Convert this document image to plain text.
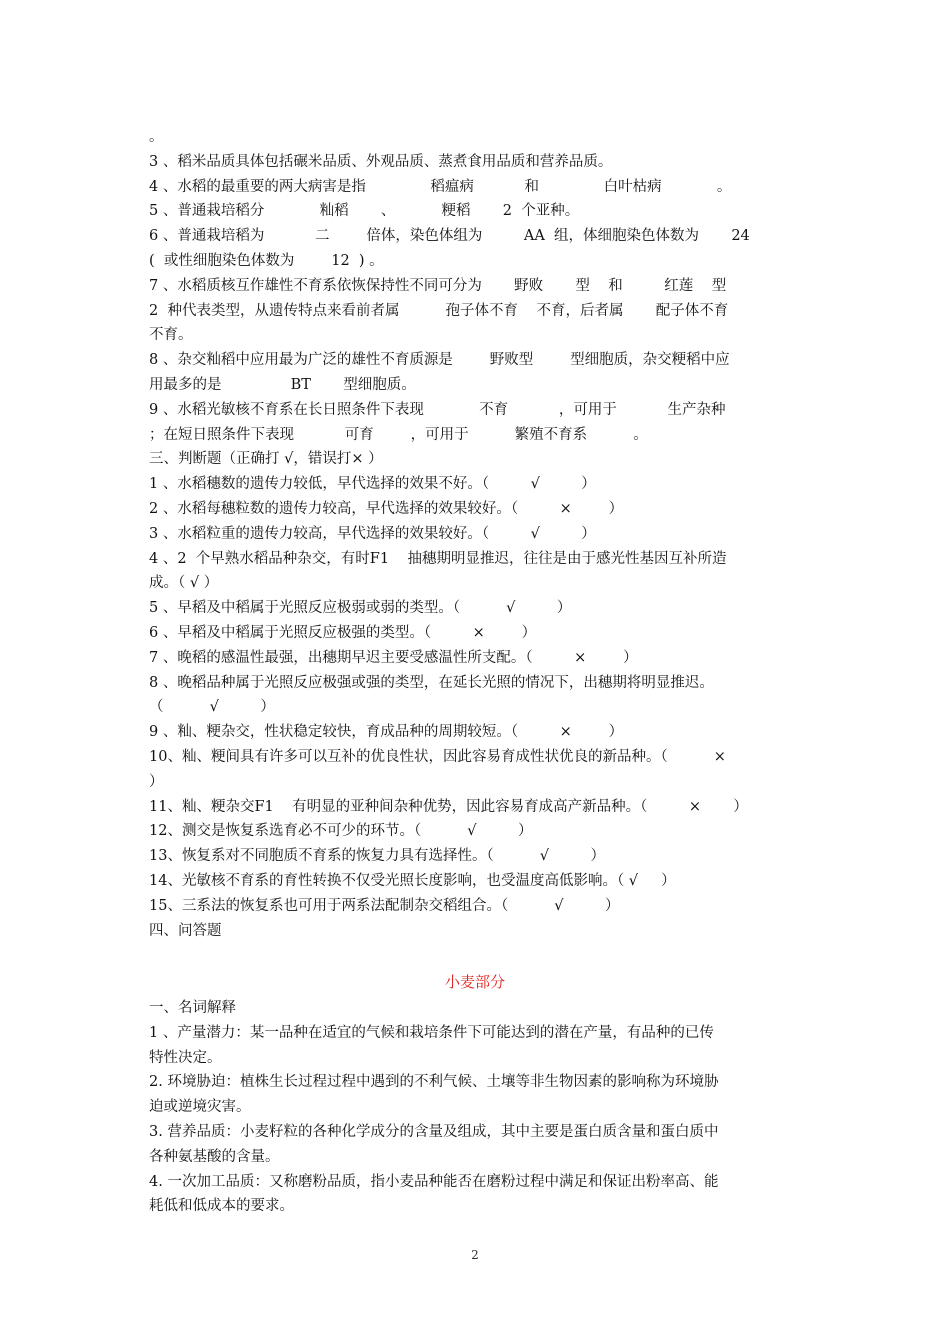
。
3 、稻米品质具体包括碾米品质、外观品质、蒸煮食用品质和营养品质。
4 、水稻的最重要的两大病害是指              稻瘟病           和              白叶枯病            。
5 、普通栽培稻分            籼稻       、          粳稻       2  个亚种。
6 、普通栽培稻为           二        倍体，染色体组为         AA  组，体细胞染色体数为       24
(  或性细胞染色体数为        12  ) 。
7 、水稻质核互作雄性不育系依恢保持性不同可分为       野败       型    和         红莲    型
2  种代表类型，从遗传特点来看前者属          孢子体不育    不育，后者属       配子体不育
不育。
8 、杂交籼稻中应用最为广泛的雄性不育质源是        野败型        型细胞质，杂交粳稻中应
用最多的是               BT       型细胞质。
9 、水稻光敏核不育系在长日照条件下表现            不育           ，可用于           生产杂种
；在短日照条件下表现           可育        ，可用于          繁殖不育系          。
三、判断题（正确打 √，错误打× ）
1 、水稻穗数的遗传力较低，早代选择的效果不好。（         √         ）
2 、水稻每穗粒数的遗传力较高，早代选择的效果较好。（         ×        ）
3 、水稻粒重的遗传力较高，早代选择的效果较好。（         √         ）
4 、2  个早熟水稻品种杂交，有时F1    抽穗期明显推迟，往往是由于感光性基因互补所造
成。（ √ ）
5 、早稻及中稻属于光照反应极弱或弱的类型。（          √         ）
6 、早稻及中稻属于光照反应极强的类型。（         ×        ）
7 、晚稻的感温性最强，出穗期早迟主要受感温性所支配。（         ×        ）
8 、晚稻品种属于光照反应极强或强的类型，在延长光照的情况下，出穗期将明显推迟。
（          √         ）
9 、籼、粳杂交，性状稳定较快，育成品种的周期较短。（         ×        ）
10、籼、粳间具有许多可以互补的优良性状，因此容易育成性状优良的新品种。（          ×
）
11、籼、粳杂交F1    有明显的亚种间杂种优势，因此容易育成高产新品种。（         ×       ）
12、测交是恢复系选育必不可少的环节。（          √         ）
13、恢复系对不同胞质不育系的恢复力具有选择性。（          √         ）
14、光敏核不育系的育性转换不仅受光照长度影响，也受温度高低影响。（ √     ）
15、三系法的恢复系也可用于两系法配制杂交稻组合。（          √         ）
四、问答题
小麦部分
一、名词解释
1 、产量潜力：某一品种在适宜的气候和栽培条件下可能达到的潜在产量，有品种的已传
特性决定。
2. 环境胁迫：植株生长过程过程中遇到的不利气候、土壤等非生物因素的影响称为环境胁
迫或逆境灾害。
3. 营养品质：小麦籽粒的各种化学成分的含量及组成，其中主要是蛋白质含量和蛋白质中
各种氨基酸的含量。
4. 一次加工品质：又称磨粉品质，指小麦品种能否在磨粉过程中满足和保证出粉率高、能
耗低和低成本的要求。
2
